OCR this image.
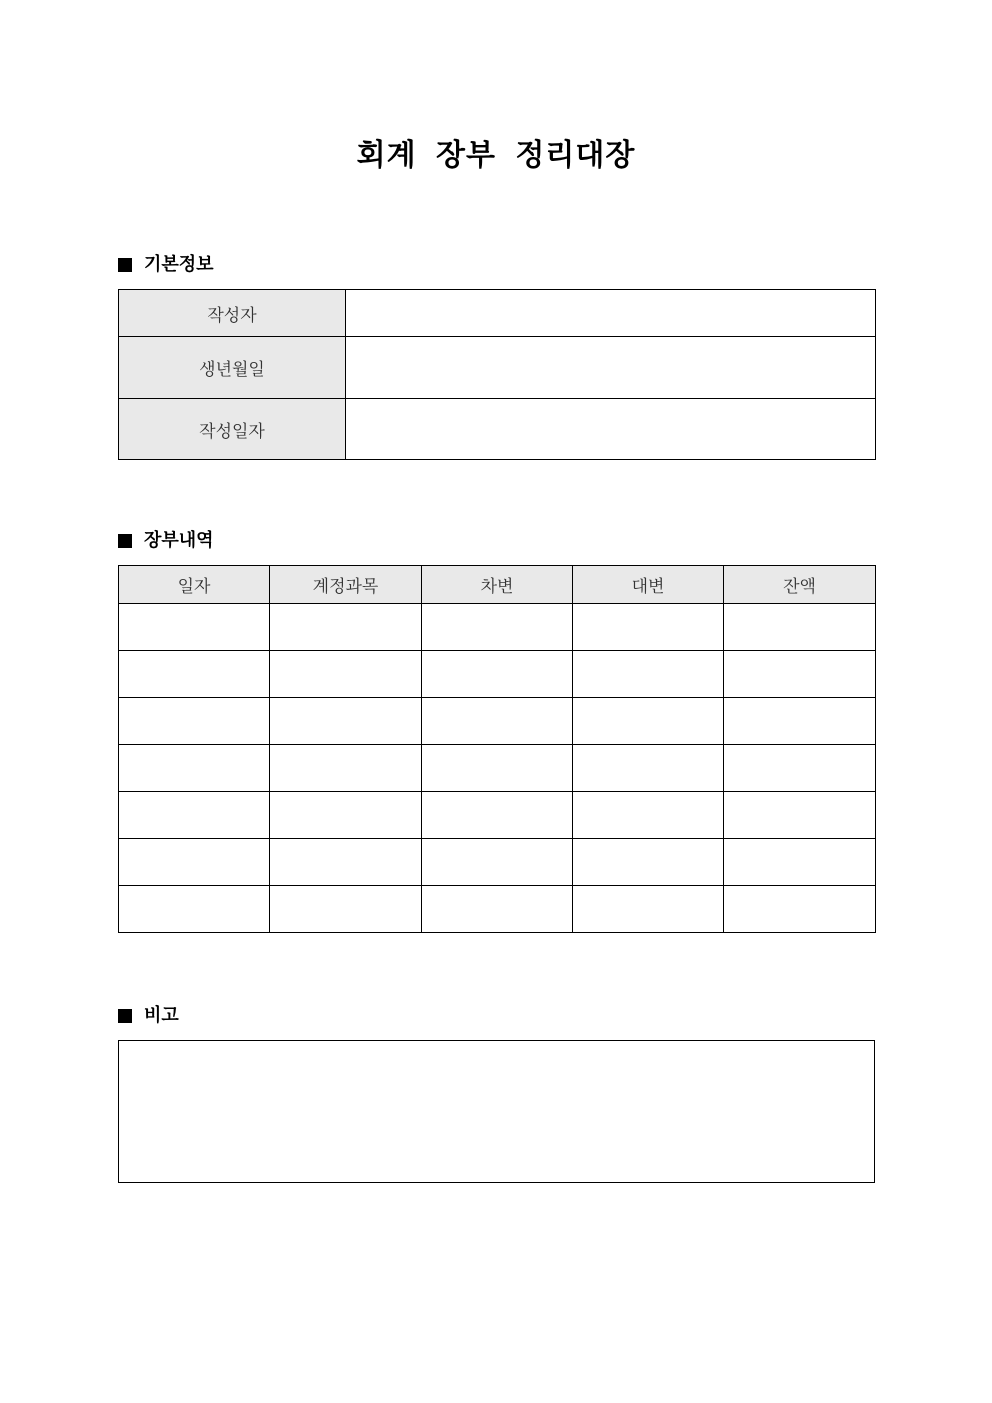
회계 장부 정리대장
기본정보
작성자	
생년월일	
작성일자	
장부내역
일자	계정과목	차변	대변	잔액

비고
